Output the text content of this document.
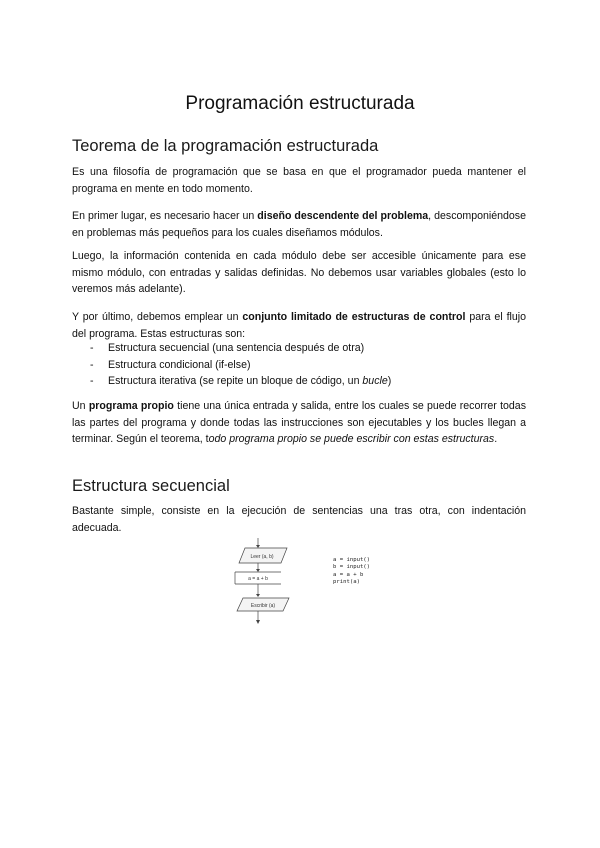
Programación estructurada
Teorema de la programación estructurada

Es una filosofía de programación que se basa en que el programador pueda mantener el programa en mente en todo momento.

En primer lugar, es necesario hacer un diseño descendente del problema, descomponiéndose en problemas más pequeños para los cuales diseñamos módulos.

Luego, la información contenida en cada módulo debe ser accesible únicamente para ese mismo módulo, con entradas y salidas definidas. No debemos usar variables globales (esto lo veremos más adelante).

Y por último, debemos emplear un conjunto limitado de estructuras de control para el flujo del programa. Estas estructuras son:

- Estructura secuencial (una sentencia después de otra)
- Estructura condicional (if-else)
- Estructura iterativa (se repite un bloque de código, un bucle)

Un programa propio tiene una única entrada y salida, entre los cuales se puede recorrer todas las partes del programa y donde todas las instrucciones son ejecutables y los bucles llegan a terminar. Según el teorema, todo programa propio se puede escribir con estas estructuras.

Estructura secuencial

Bastante simple, consiste en la ejecución de sentencias una tras otra, con indentación adecuada.

Leer (a, b)
a = a + b
Escribir (a)
a = input()
b = input()
a = a + b
print(a)
